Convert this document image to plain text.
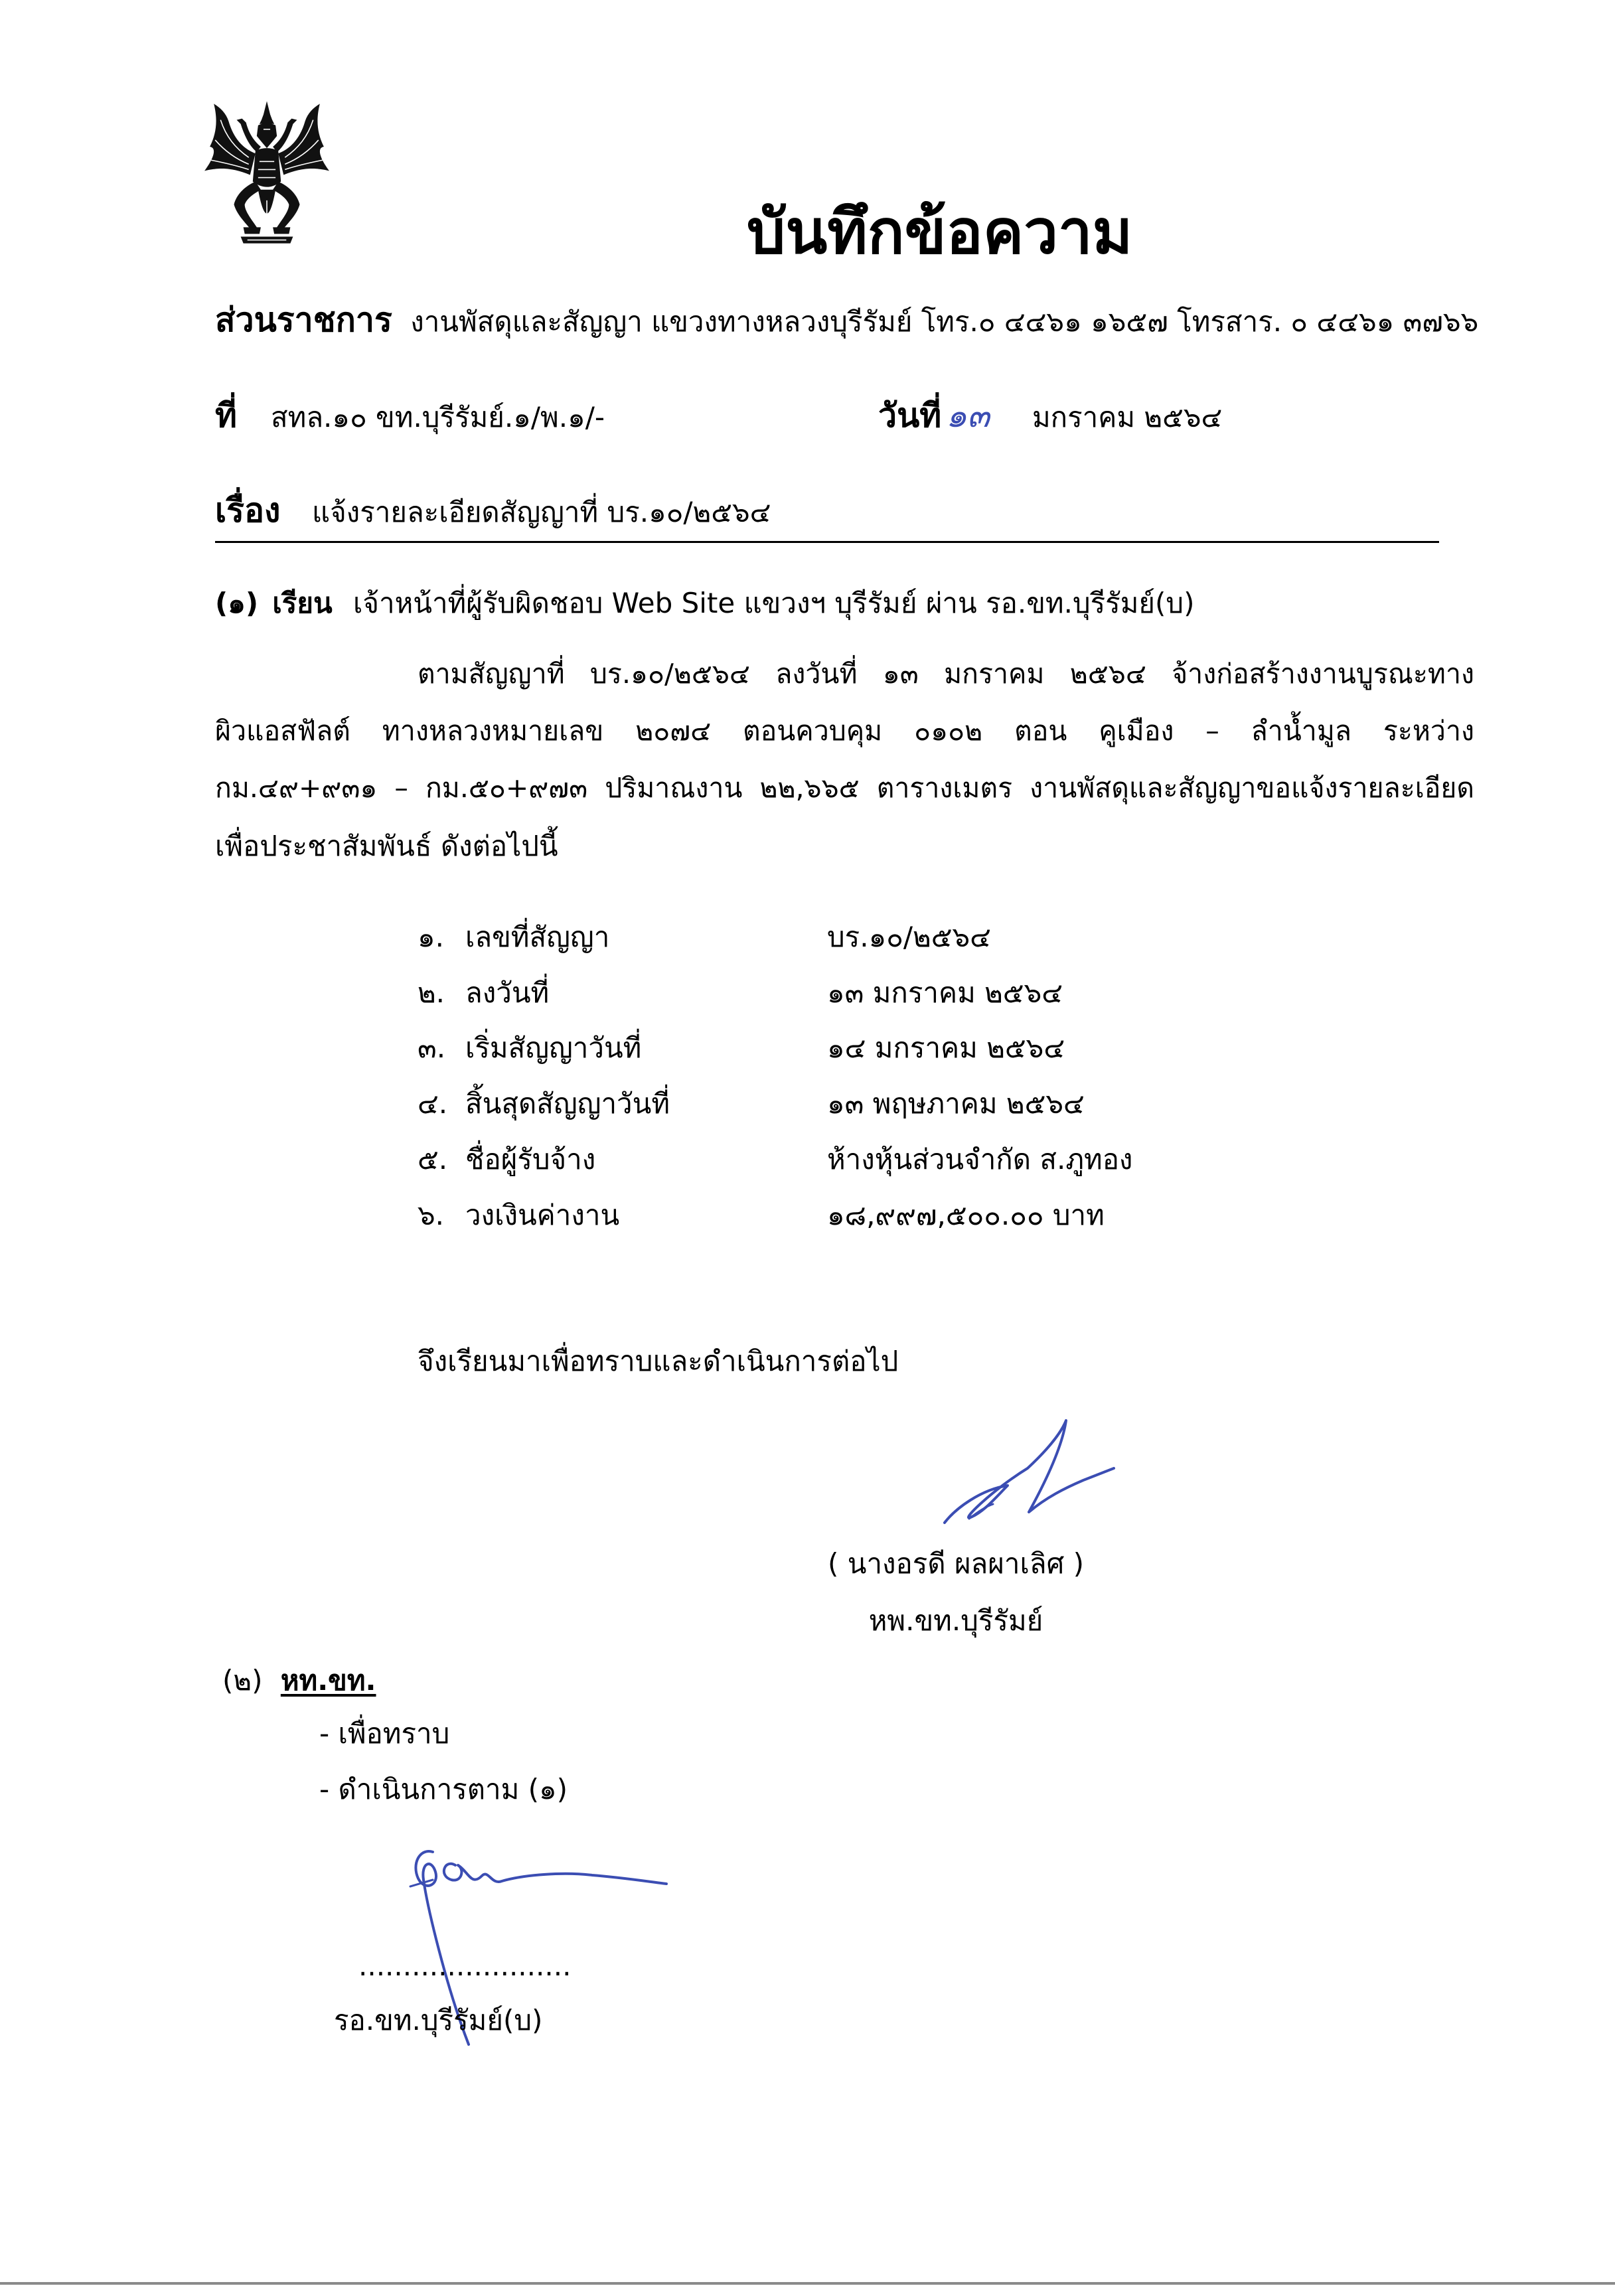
บันทึกข้อความ
ส่วนราชการ งานพัสดุและสัญญา แขวงทางหลวงบุรีรัมย์ โทร.๐ ๔๔๖๑ ๑๖๕๗ โทรสาร. ๐ ๔๔๖๑ ๓๗๖๖
ที่ สทล.๑๐ ขท.บุรีรัมย์.๑/พ.๑/-	วันที่ ๑๓ มกราคม ๒๕๖๔
เรื่อง แจ้งรายละเอียดสัญญาที่ บร.๑๐/๒๕๖๔
(๑) เรียน เจ้าหน้าที่ผู้รับผิดชอบ Web Site แขวงฯ บุรีรัมย์ ผ่าน รอ.ขท.บุรีรัมย์(บ)
ตามสัญญาที่ บร.๑๐/๒๕๖๔ ลงวันที่ ๑๓ มกราคม ๒๕๖๔ จ้างก่อสร้างงานบูรณะทาง
ผิวแอสฟัลต์ ทางหลวงหมายเลข ๒๐๗๔ ตอนควบคุม ๐๑๐๒ ตอน คูเมือง – ลำน้ำมูล ระหว่าง
กม.๔๙+๙๓๑ – กม.๕๐+๙๗๓ ปริมาณงาน ๒๒,๖๖๕ ตารางเมตร งานพัสดุและสัญญาขอแจ้งรายละเอียด
เพื่อประชาสัมพันธ์ ดังต่อไปนี้
๑. เลขที่สัญญา	บร.๑๐/๒๕๖๔
๒. ลงวันที่	๑๓ มกราคม ๒๕๖๔
๓. เริ่มสัญญาวันที่	๑๔ มกราคม ๒๕๖๔
๔. สิ้นสุดสัญญาวันที่	๑๓ พฤษภาคม ๒๕๖๔
๕. ชื่อผู้รับจ้าง	ห้างหุ้นส่วนจำกัด ส.ภูทอง
๖. วงเงินค่างาน	๑๘,๙๙๗,๕๐๐.๐๐ บาท
จึงเรียนมาเพื่อทราบและดำเนินการต่อไป
( นางอรดี ผลผาเลิศ )
หพ.ขท.บุรีรัมย์
(๒) หท.ขท.
- เพื่อทราบ
- ดำเนินการตาม (๑)
........................
รอ.ขท.บุรีรัมย์(บ)
